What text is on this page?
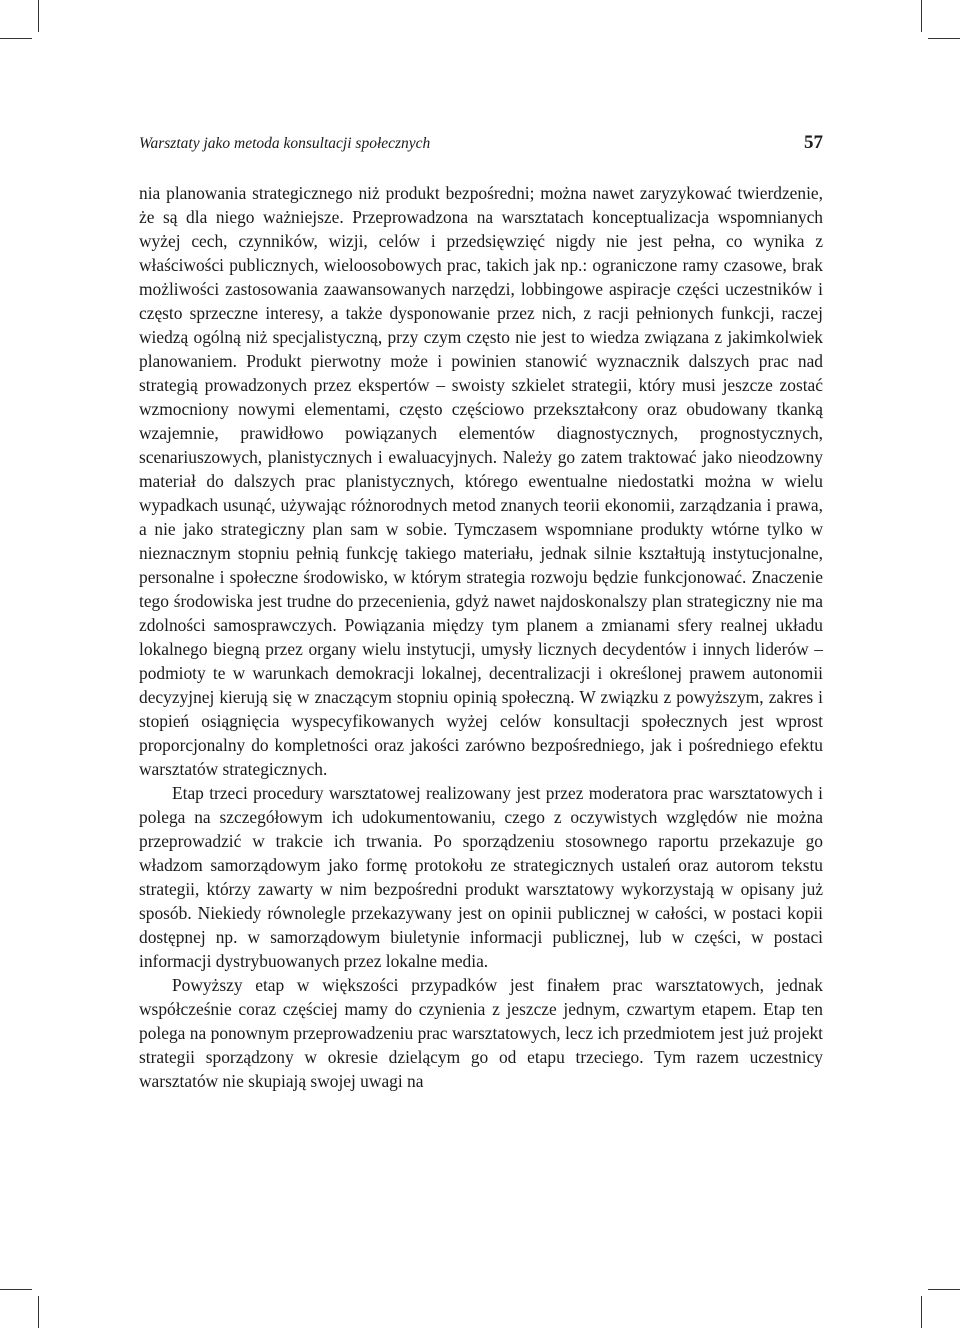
Warsztaty jako metoda konsultacji społecznych	57

nia planowania strategicznego niż produkt bezpośredni; można nawet zaryzykować twierdzenie, że są dla niego ważniejsze. Przeprowadzona na warsztatach konceptualizacja wspomnianych wyżej cech, czynników, wizji, celów i przedsięwzięć nigdy nie jest pełna, co wynika z właściwości publicznych, wieloosobowych prac, takich jak np.: ograniczone ramy czasowe, brak możliwości zastosowania zaawansowanych narzędzi, lobbingowe aspiracje części uczestników i często sprzeczne interesy, a także dysponowanie przez nich, z racji pełnionych funkcji, raczej wiedzą ogólną niż specjalistyczną, przy czym często nie jest to wiedza związana z jakimkolwiek planowaniem. Produkt pierwotny może i powinien stanowić wyznacznik dalszych prac nad strategią prowadzonych przez ekspertów – swoisty szkielet strategii, który musi jeszcze zostać wzmocniony nowymi elementami, często częściowo przekształcony oraz obudowany tkanką wzajemnie, prawidłowo powiązanych elementów diagnostycznych, prognostycznych, scenariuszowych, planistycznych i ewaluacyjnych. Należy go zatem traktować jako nieodzowny materiał do dalszych prac planistycznych, którego ewentualne niedostatki można w wielu wypadkach usunąć, używając różnorodnych metod znanych teorii ekonomii, zarządzania i prawa, a nie jako strategiczny plan sam w sobie. Tymczasem wspomniane produkty wtórne tylko w nieznacznym stopniu pełnią funkcję takiego materiału, jednak silnie kształtują instytucjonalne, personalne i społeczne środowisko, w którym strategia rozwoju będzie funkcjonować. Znaczenie tego środowiska jest trudne do przecenienia, gdyż nawet najdoskonalszy plan strategiczny nie ma zdolności samosprawczych. Powiązania między tym planem a zmianami sfery realnej układu lokalnego biegną przez organy wielu instytucji, umysły licznych decydentów i innych liderów – podmioty te w warunkach demokracji lokalnej, decentralizacji i określonej prawem autonomii decyzyjnej kierują się w znaczącym stopniu opinią społeczną. W związku z powyższym, zakres i stopień osiągnięcia wyspecyfikowanych wyżej celów konsultacji społecznych jest wprost proporcjonalny do kompletności oraz jakości zarówno bezpośredniego, jak i pośredniego efektu warsztatów strategicznych.

Etap trzeci procedury warsztatowej realizowany jest przez moderatora prac warsztatowych i polega na szczegółowym ich udokumentowaniu, czego z oczywistych względów nie można przeprowadzić w trakcie ich trwania. Po sporządzeniu stosownego raportu przekazuje go władzom samorządowym jako formę protokołu ze strategicznych ustaleń oraz autorom tekstu strategii, którzy zawarty w nim bezpośredni produkt warsztatowy wykorzystają w opisany już sposób. Niekiedy równolegle przekazywany jest on opinii publicznej w całości, w postaci kopii dostępnej np. w samorządowym biuletynie informacji publicznej, lub w części, w postaci informacji dystrybuowanych przez lokalne media.

Powyższy etap w większości przypadków jest finałem prac warsztatowych, jednak współcześnie coraz częściej mamy do czynienia z jeszcze jednym, czwartym etapem. Etap ten polega na ponownym przeprowadzeniu prac warsztatowych, lecz ich przedmiotem jest już projekt strategii sporządzony w okresie dzielącym go od etapu trzeciego. Tym razem uczestnicy warsztatów nie skupiają swojej uwagi na
